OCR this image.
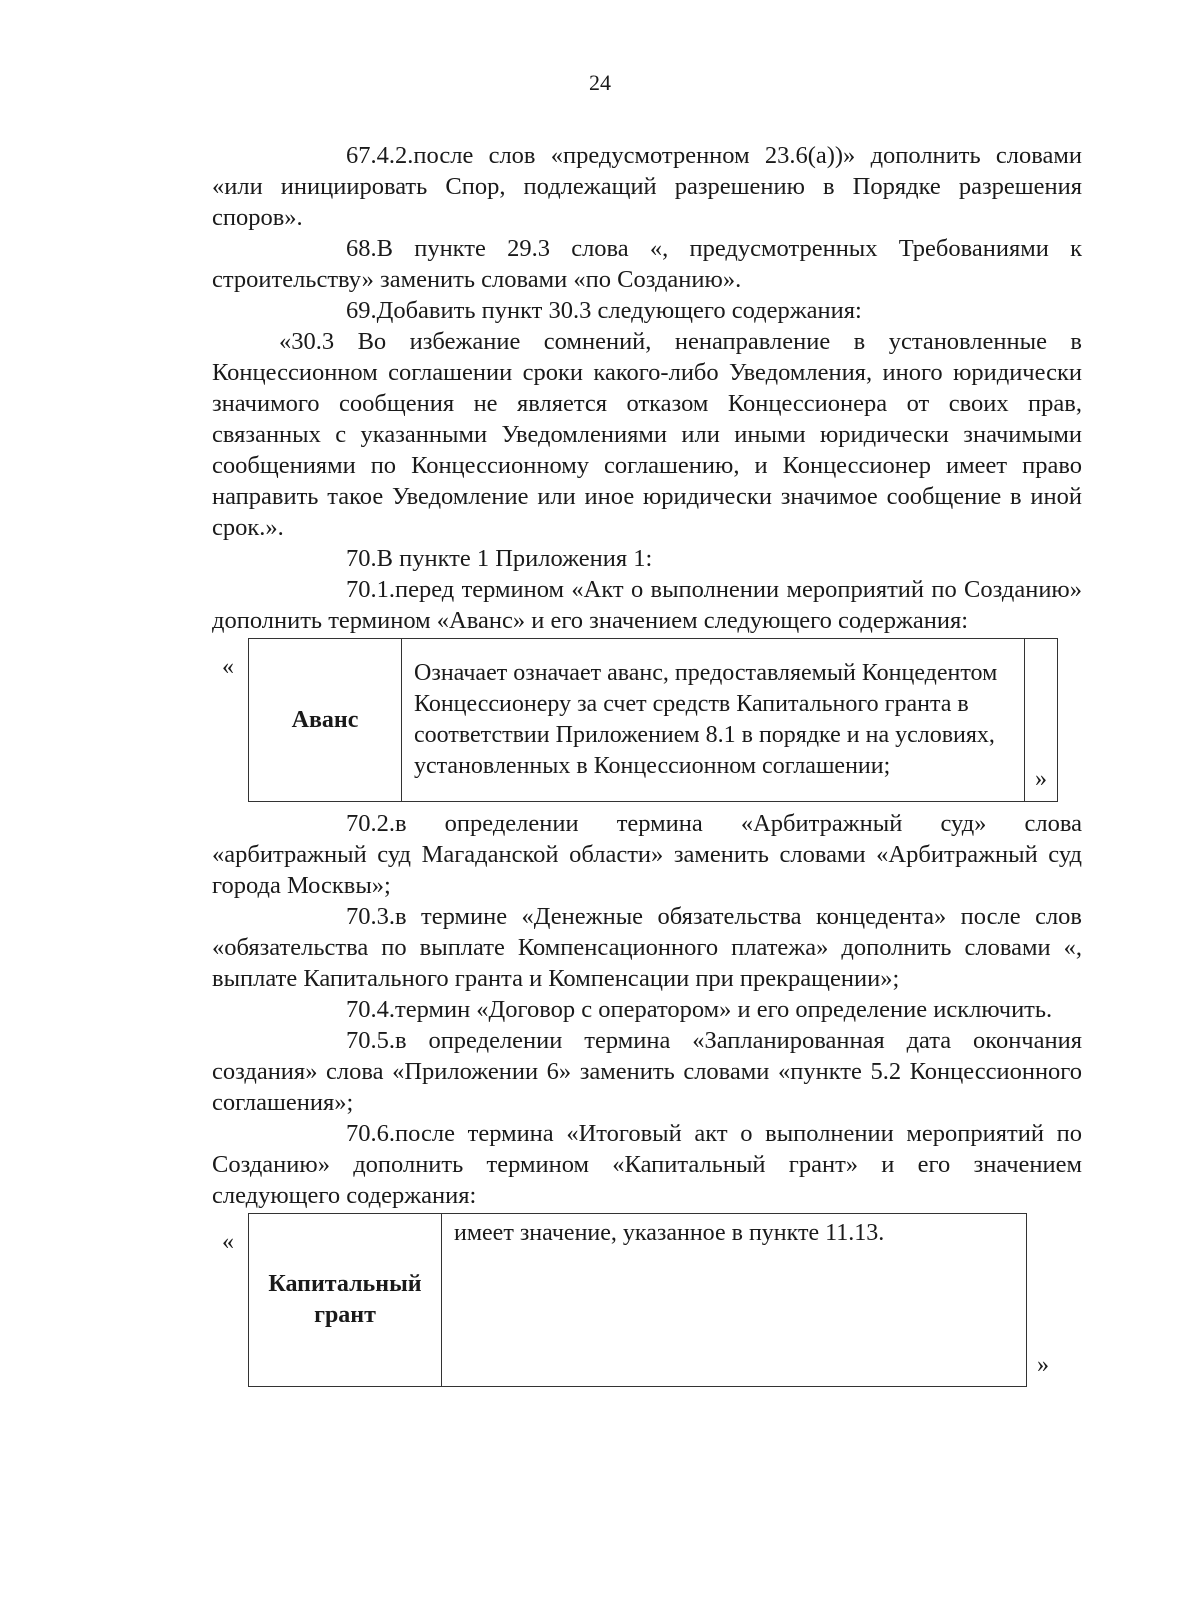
24

67.4.2.после слов «предусмотренном 23.6(а))» дополнить словами «или инициировать Спор, подлежащий разрешению в Порядке разрешения споров».

68.В пункте 29.3 слова «, предусмотренных Требованиями к строительству» заменить словами «по Созданию».

69.Добавить пункт 30.3 следующего содержания:

«30.3 Во избежание сомнений, ненаправление в установленные в Концессионном соглашении сроки какого-либо Уведомления, иного юридически значимого сообщения не является отказом Концессионера от своих прав, связанных с указанными Уведомлениями или иными юридически значимыми сообщениями по Концессионному соглашению, и Концессионер имеет право направить такое Уведомление или иное юридически значимое сообщение в иной срок.».

70.В пункте 1 Приложения 1:

70.1.перед термином «Акт о выполнении мероприятий по Созданию» дополнить термином «Аванс» и его значением следующего содержания:

«
Аванс	Означает означает аванс, предоставляемый Концедентом Концессионеру за счет средств Капитального гранта в соответствии Приложением 8.1 в порядке и на условиях, установленных в Концессионном соглашении;	»

70.2.в определении термина «Арбитражный суд» слова «арбитражный суд Магаданской области» заменить словами «Арбитражный суд города Москвы»;

70.3.в термине «Денежные обязательства концедента» после слов «обязательства по выплате Компенсационного платежа» дополнить словами «, выплате Капитального гранта и Компенсации при прекращении»;

70.4.термин «Договор с оператором» и его определение исключить.

70.5.в определении термина «Запланированная дата окончания создания» слова «Приложении 6» заменить словами «пункте 5.2 Концессионного соглашения»;

70.6.после термина «Итоговый акт о выполнении мероприятий по Созданию» дополнить термином «Капитальный грант» и его значением следующего содержания:

«
Капитальный грант	имеет значение, указанное в пункте 11.13.	»
